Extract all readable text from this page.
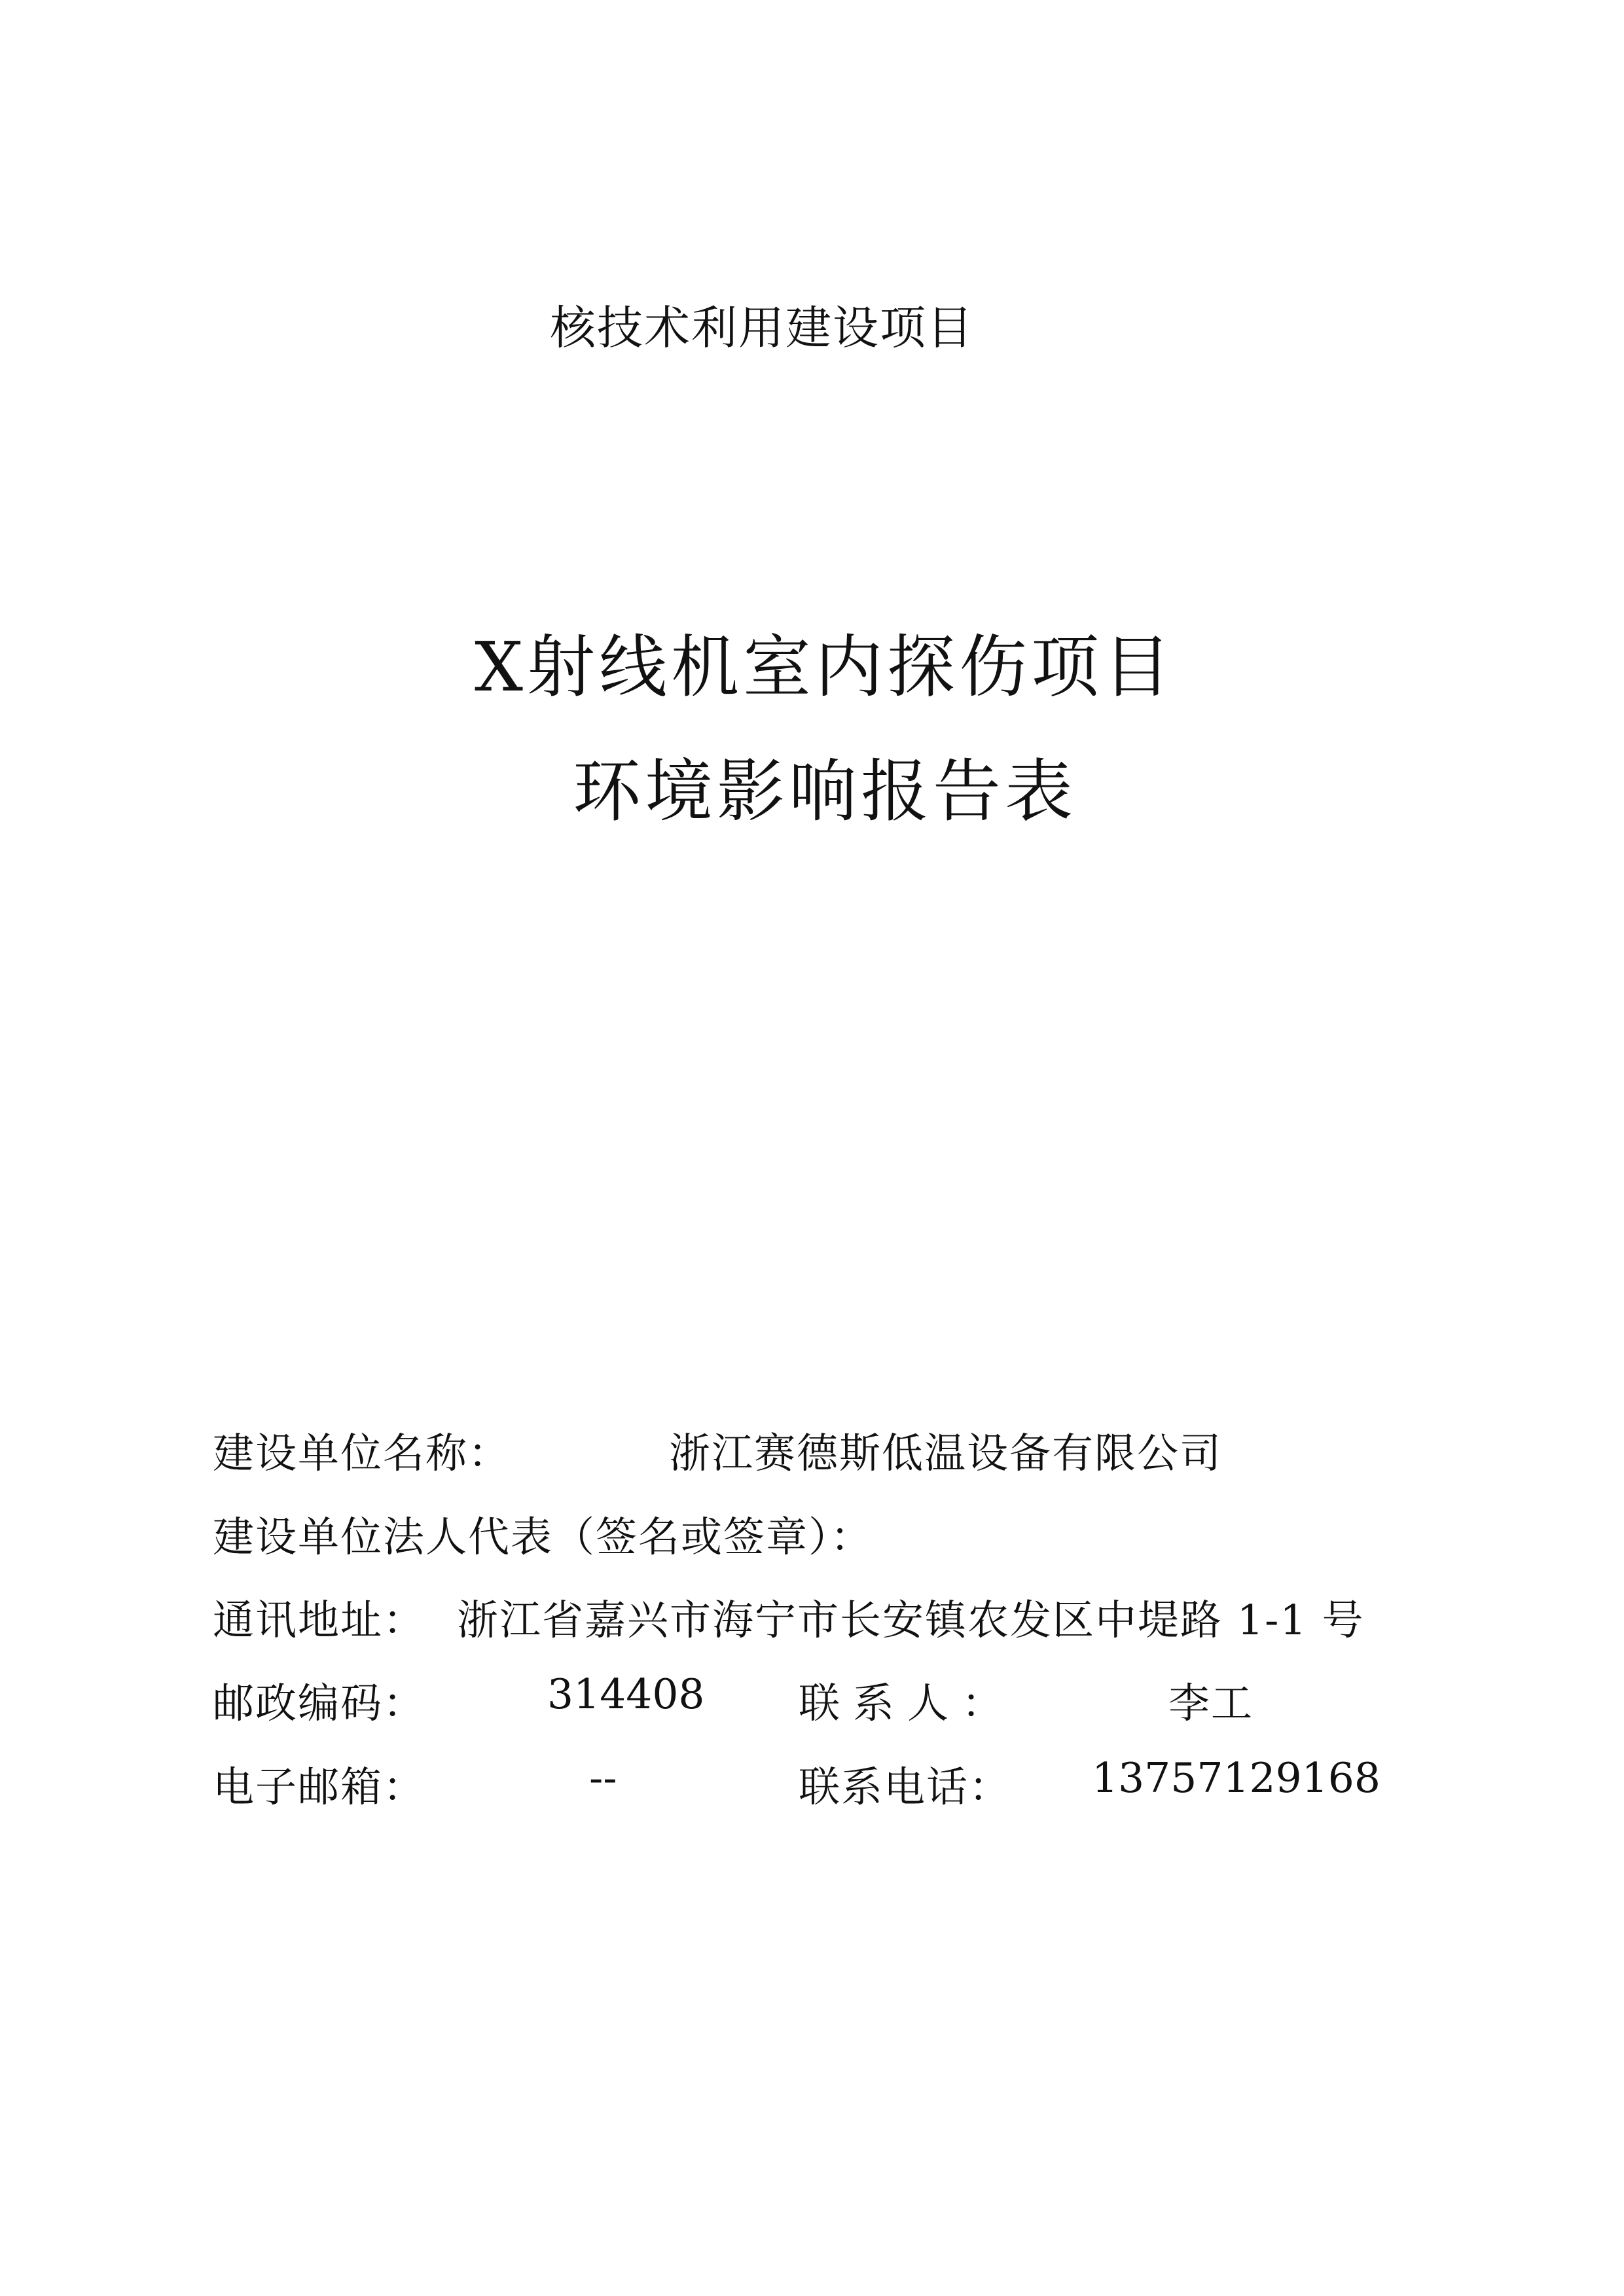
核技术利用建设项目
X射线机室内探伤项目
环境影响报告表
建设单位名称：	浙江赛德斯低温设备有限公司
建设单位法人代表（签名或签章）：
通讯地址： 浙江省嘉兴市海宁市长安镇农发区中堤路 1-1 号
邮政编码：	314408 联系人：	李工
电子邮箱：	--	联系电话： 13757129168
